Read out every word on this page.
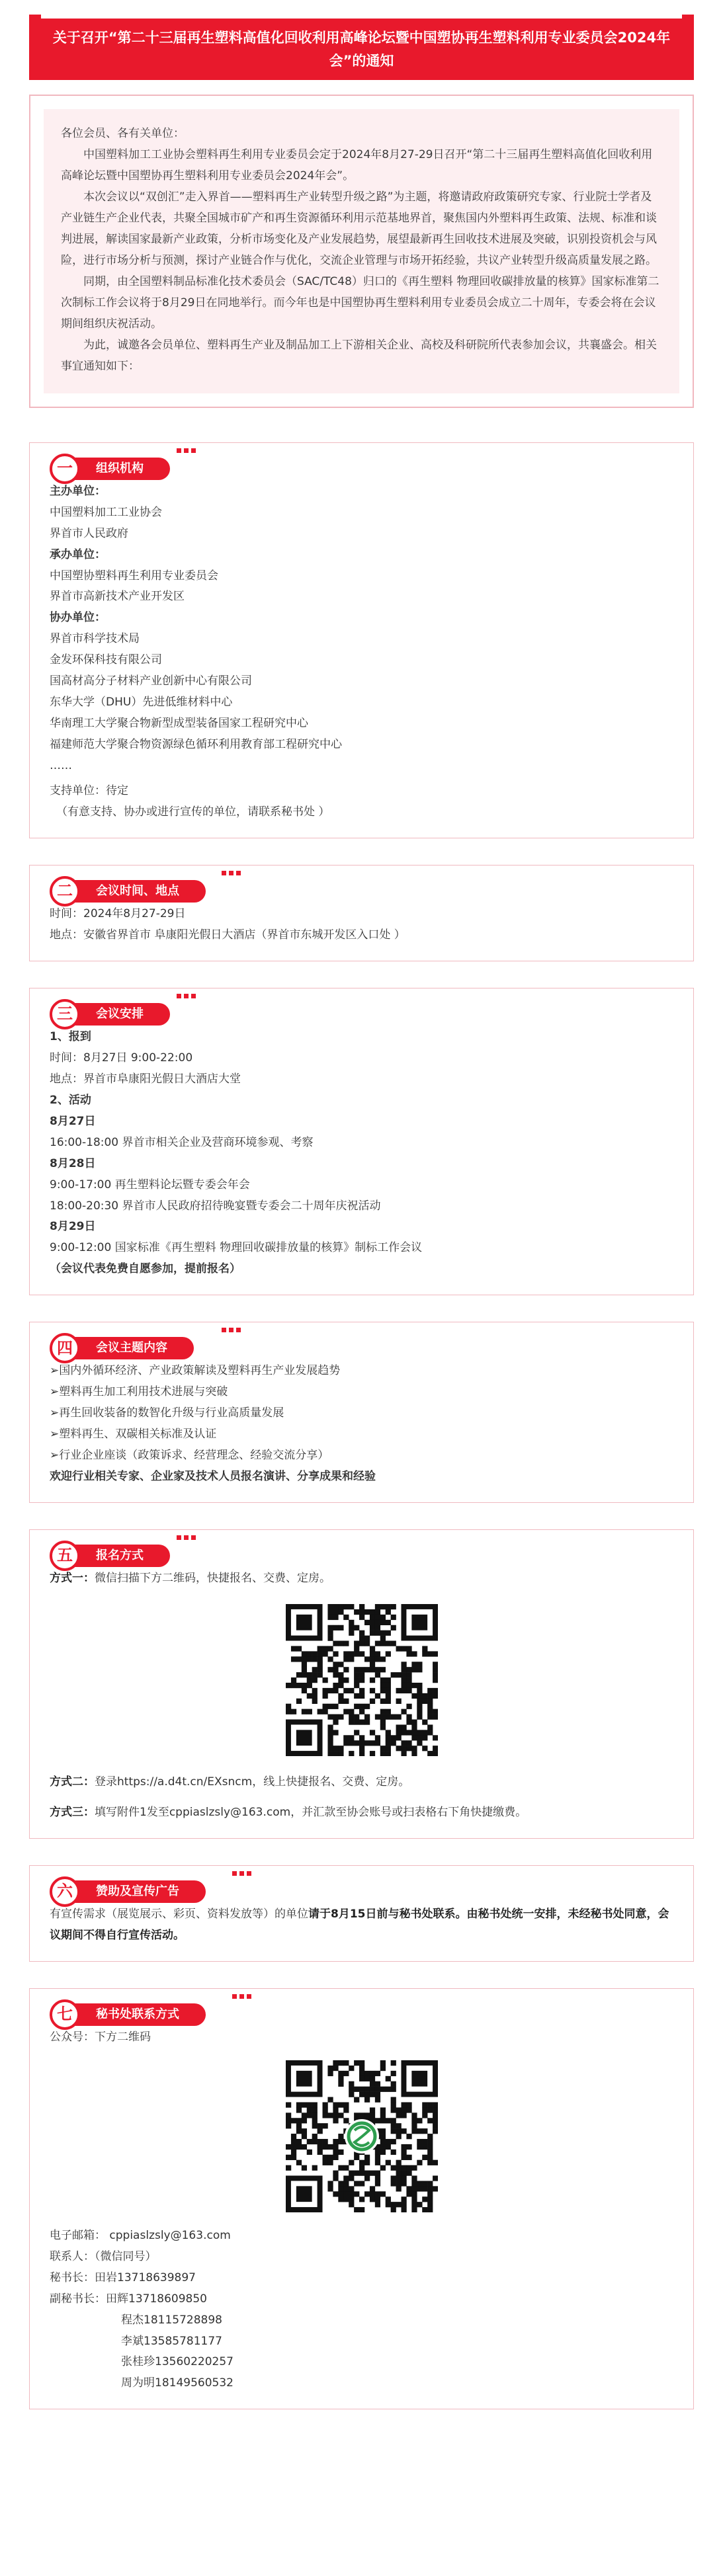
关于召开“第二十三届再生塑料高值化回收利用高峰论坛暨中国塑协再生塑料利用专业委员会2024年会”的通知

各位会员、各有关单位：

中国塑料加工工业协会塑料再生利用专业委员会定于2024年8月27-29日召开“第二十三届再生塑料高值化回收利用高峰论坛暨中国塑协再生塑料利用专业委员会2024年会”。

本次会议以“双创汇”走入界首——塑料再生产业转型升级之路”为主题，将邀请政府政策研究专家、行业院士学者及产业链生产企业代表，共聚全国城市矿产和再生资源循环利用示范基地界首，聚焦国内外塑料再生政策、法规、标准和谈判进展，解读国家最新产业政策，分析市场变化及产业发展趋势，展望最新再生回收技术进展及突破，识别投资机会与风险，进行市场分析与预测，探讨产业链合作与优化，交流企业管理与市场开拓经验，共议产业转型升级高质量发展之路。

同期，由全国塑料制品标准化技术委员会（SAC/TC48）归口的《再生塑料 物理回收碳排放量的核算》国家标准第二次制标工作会议将于8月29日在同地举行。而今年也是中国塑协再生塑料利用专业委员会成立二十周年，专委会将在会议期间组织庆祝活动。

为此，诚邀各会员单位、塑料再生产业及制品加工上下游相关企业、高校及科研院所代表参加会议，共襄盛会。相关事宜通知如下：

一	组织机构
主办单位：
中国塑料加工工业协会
界首市人民政府
承办单位：
中国塑协塑料再生利用专业委员会
界首市高新技术产业开发区
协办单位：
界首市科学技术局
金发环保科技有限公司
国高材高分子材料产业创新中心有限公司
东华大学（DHU）先进低维材料中心
华南理工大学聚合物新型成型装备国家工程研究中心
福建师范大学聚合物资源绿色循环利用教育部工程研究中心
……
支持单位：待定
（有意支持、协办或进行宣传的单位，请联系秘书处 ）
二	会议时间、地点
时间：2024年8月27-29日
地点：安徽省界首市 阜康阳光假日大酒店（界首市东城开发区入口处 ）
三	会议安排
1、报到
时间：8月27日 9:00-22:00
地点：界首市阜康阳光假日大酒店大堂
2、活动
8月27日
16:00-18:00 界首市相关企业及营商环境参观、考察
8月28日
9:00-17:00 再生塑料论坛暨专委会年会
18:00-20:30 界首市人民政府招待晚宴暨专委会二十周年庆祝活动
8月29日
9:00-12:00 国家标准《再生塑料 物理回收碳排放量的核算》制标工作会议
（会议代表免费自愿参加，提前报名）
四	会议主题内容
➢国内外循环经济、产业政策解读及塑料再生产业发展趋势
➢塑料再生加工利用技术进展与突破
➢再生回收装备的数智化升级与行业高质量发展
➢塑料再生、双碳相关标准及认证
➢行业企业座谈（政策诉求、经营理念、经验交流分享）
欢迎行业相关专家、企业家及技术人员报名演讲、分享成果和经验
五	报名方式
方式一：微信扫描下方二维码，快捷报名、交费、定房。
方式二：登录https://a.d4t.cn/EXsncm，线上快捷报名、交费、定房。
方式三：填写附件1发至cppiaslzsly@163.com，并汇款至协会账号或扫表格右下角快捷缴费。
六	赞助及宣传广告
有宣传需求（展览展示、彩页、资料发放等）的单位请于8月15日前与秘书处联系。由秘书处统一安排，未经秘书处同意，会议期间不得自行宣传活动。
七	秘书处联系方式
公众号：下方二维码
电子邮箱： cppiaslzsly@163.com
联系人：（微信同号）
秘书长：田岩13718639897
副秘书长：田辉13718609850
程杰18115728898
李斌13585781177
张桂珍13560220257
周为明18149560532
